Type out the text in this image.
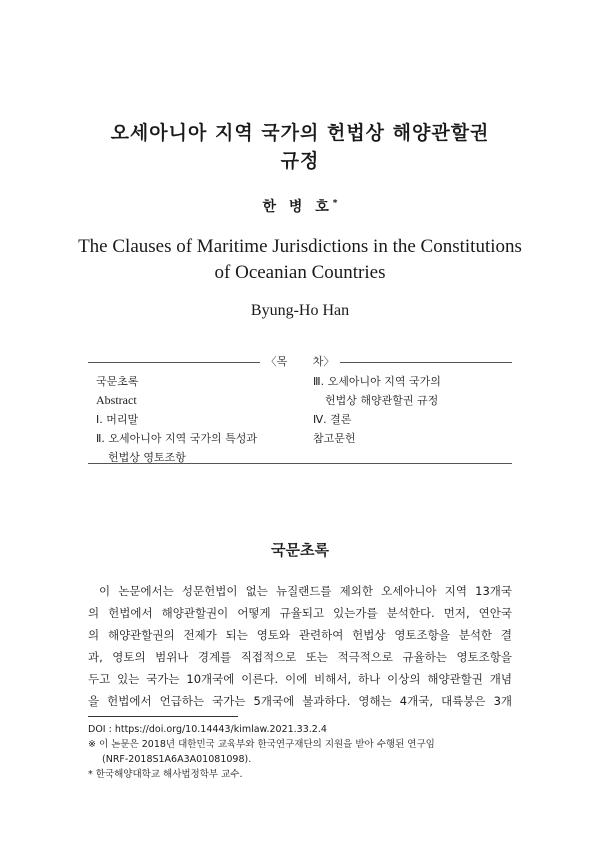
오세아니아 지역 국가의 헌법상 해양관할권
규정
한 병 호*
The Clauses of Maritime Jurisdictions in the Constitutions
of Oceanian Countries
Byung-Ho Han
〈목 차〉
국문초록
Abstract
Ⅰ. 머리말
Ⅱ. 오세아니아 지역 국가의 특성과
헌법상 영토조항
Ⅲ. 오세아니아 지역 국가의
헌법상 해양관할권 규정
Ⅳ. 결론
참고문헌
국문초록
이 논문에서는 성문헌법이 없는 뉴질랜드를 제외한 오세아니아 지역 13개국
의 헌법에서 해양관할권이 어떻게 규율되고 있는가를 분석한다. 먼저, 연안국
의 해양관할권의 전제가 되는 영토와 관련하여 헌법상 영토조항을 분석한 결
과, 영토의 범위나 경계를 직접적으로 또는 적극적으로 규율하는 영토조항을
두고 있는 국가는 10개국에 이른다. 이에 비해서, 하나 이상의 해양관할권 개념
을 헌법에서 언급하는 국가는 5개국에 불과하다. 영해는 4개국, 대륙붕은 3개
DOI : https://doi.org/10.14443/kimlaw.2021.33.2.4
※ 이 논문은 2018년 대한민국 교육부와 한국연구재단의 지원을 받아 수행된 연구임
(NRF-2018S1A6A3A01081098).
* 한국해양대학교 해사법정학부 교수.
